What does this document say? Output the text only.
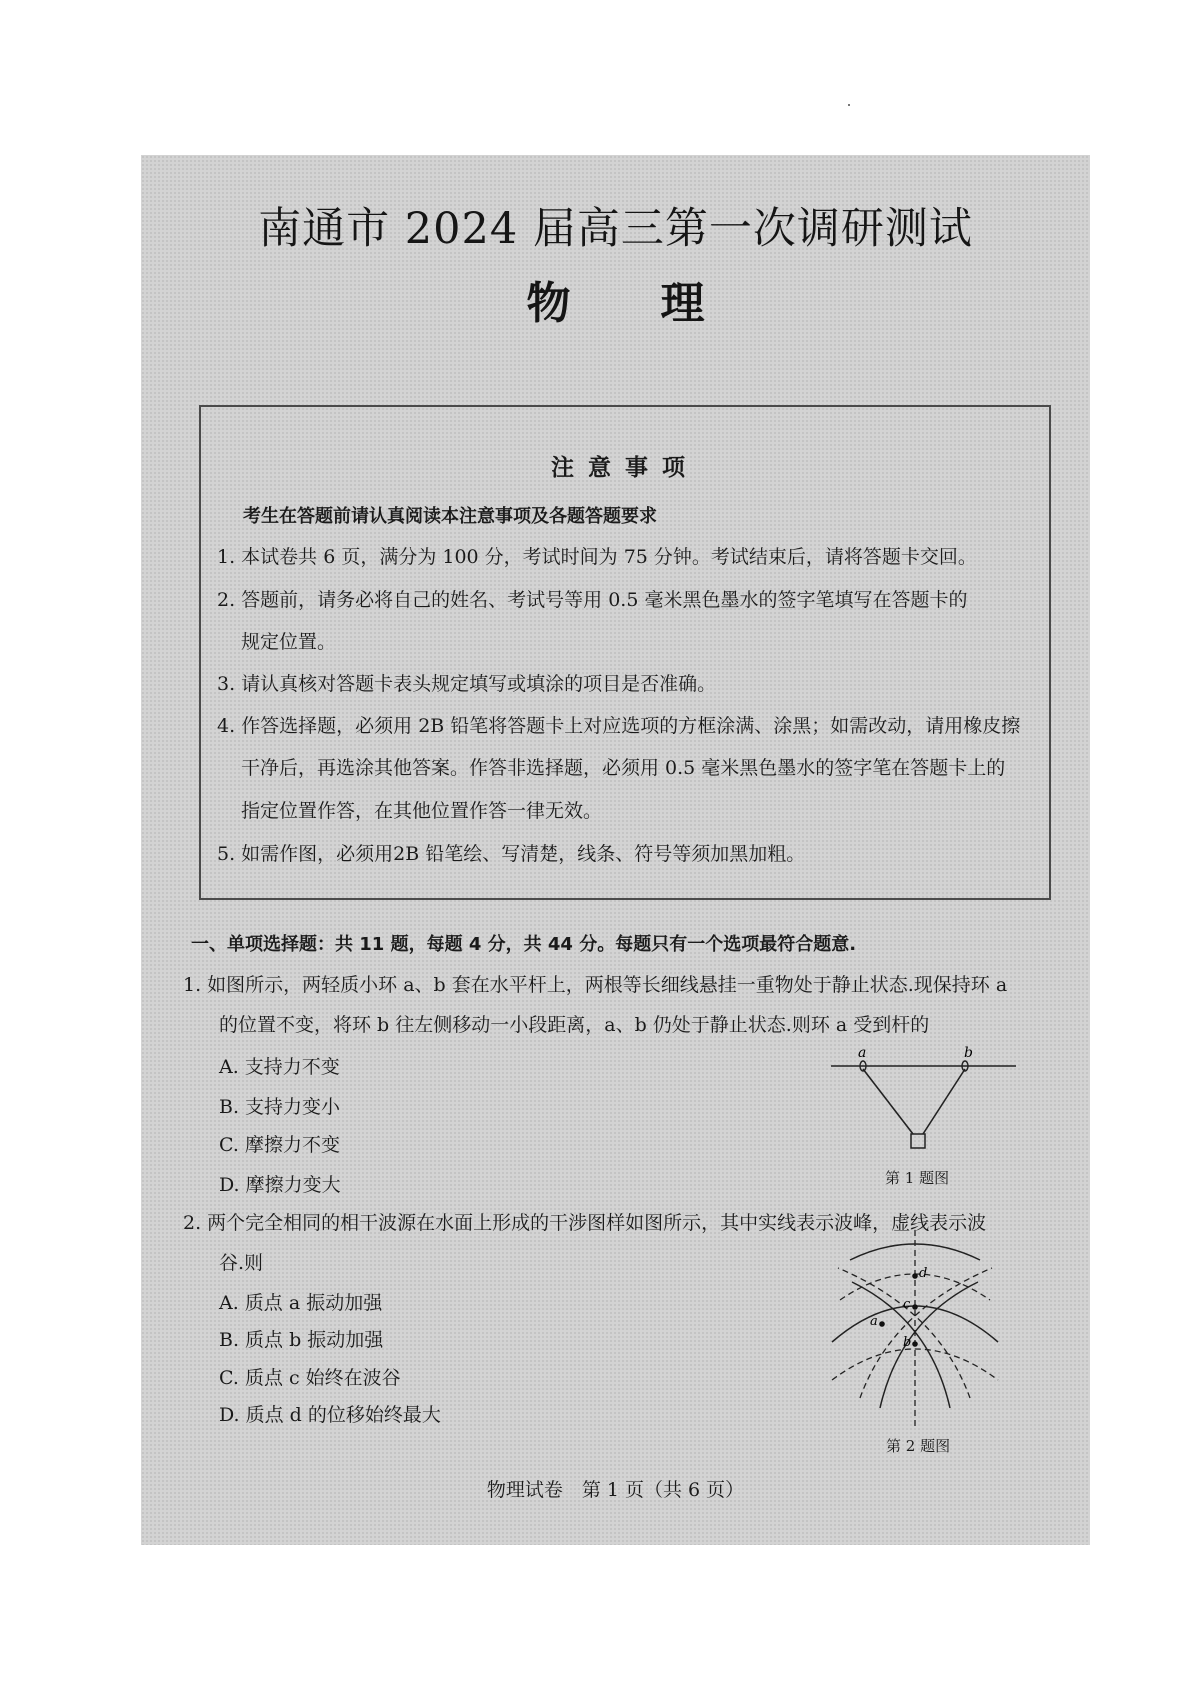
南通市 2024 届高三第一次调研测试
物 理
注意事项
考生在答题前请认真阅读本注意事项及各题答题要求
1. 本试卷共 6 页，满分为 100 分，考试时间为 75 分钟。考试结束后，请将答题卡交回。
2. 答题前，请务必将自己的姓名、考试号等用 0.5 毫米黑色墨水的签字笔填写在答题卡的
规定位置。
3. 请认真核对答题卡表头规定填写或填涂的项目是否准确。
4. 作答选择题，必须用 2B 铅笔将答题卡上对应选项的方框涂满、涂黑；如需改动，请用橡皮擦
干净后，再选涂其他答案。作答非选择题，必须用 0.5 毫米黑色墨水的签字笔在答题卡上的
指定位置作答，在其他位置作答一律无效。
5. 如需作图，必须用2B 铅笔绘、写清楚，线条、符号等须加黑加粗。
一、单项选择题：共 11 题，每题 4 分，共 44 分。每题只有一个选项最符合题意.
1. 如图所示，两轻质小环 a、b 套在水平杆上，两根等长细线悬挂一重物处于静止状态.现保持环 a
的位置不变，将环 b 往左侧移动一小段距离，a、b 仍处于静止状态.则环 a 受到杆的
A. 支持力不变
B. 支持力变小
C. 摩擦力不变
D. 摩擦力变大
a	b
第 1 题图
2. 两个完全相同的相干波源在水面上形成的干涉图样如图所示，其中实线表示波峰，虚线表示波
谷.则
A. 质点 a 振动加强
B. 质点 b 振动加强
C. 质点 c 始终在波谷
D. 质点 d 的位移始终最大
a
b
c
d
第 2 题图
物理试卷　第 1 页（共 6 页）
